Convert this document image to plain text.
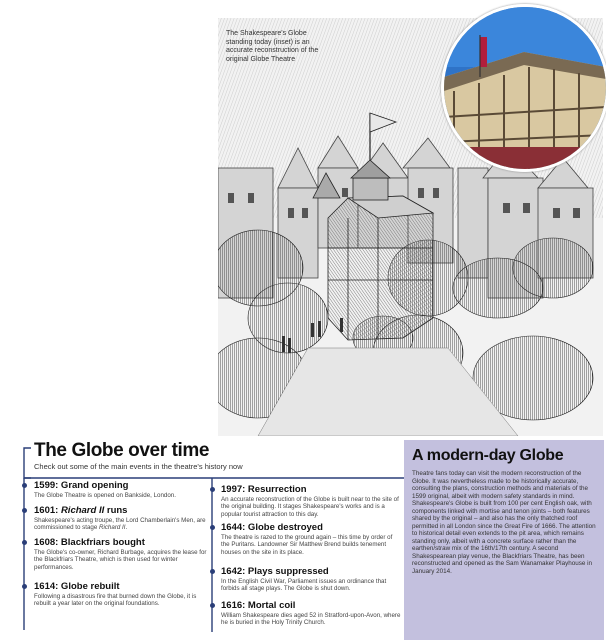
The Shakespeare's Globe standing today (inset) is an accurate reconstruction of the original Globe Theatre
The Globe over time
Check out some of the main events in the theatre's history now
1599: Grand opening
The Globe Theatre is opened on Bankside, London.
1601: Richard II runs
Shakespeare's acting troupe, the Lord Chamberlain's Men, are commissioned to stage Richard II.
1608: Blackfriars bought
The Globe's co-owner, Richard Burbage, acquires the lease for the Blackfriars Theatre, which is then used for winter performances.
1614: Globe rebuilt
Following a disastrous fire that burned down the Globe, it is rebuilt a year later on the original foundations.
1997: Resurrection
An accurate reconstruction of the Globe is built near to the site of the original building. It stages Shakespeare's works and is a popular tourist attraction to this day.
1644: Globe destroyed
The theatre is razed to the ground again – this time by order of the Puritans. Landowner Sir Matthew Brend builds tenement houses on the site in its place.
1642: Plays suppressed
In the English Civil War, Parliament issues an ordinance that forbids all stage plays. The Globe is shut down.
1616: Mortal coil
William Shakespeare dies aged 52 in Stratford-upon-Avon, where he is buried in the Holy Trinity Church.
A modern-day Globe
Theatre fans today can visit the modern reconstruction of the Globe. It was nevertheless made to be historically accurate, consulting the plans, construction methods and materials of the 1599 original, albeit with modern safety standards in mind. Shakespeare's Globe is built from 100 per cent English oak, with components linked with mortise and tenon joints – both features shared by the original – and also has the only thatched roof permitted in all London since the Great Fire of 1666. The attention to historical detail even extends to the pit area, which remains standing only, albeit with a concrete surface rather than the earthen/straw mix of the 16th/17th century. A second Shakespearean play venue, the Blackfriars Theatre, has been reconstructed and opened as the Sam Wanamaker Playhouse in January 2014.
